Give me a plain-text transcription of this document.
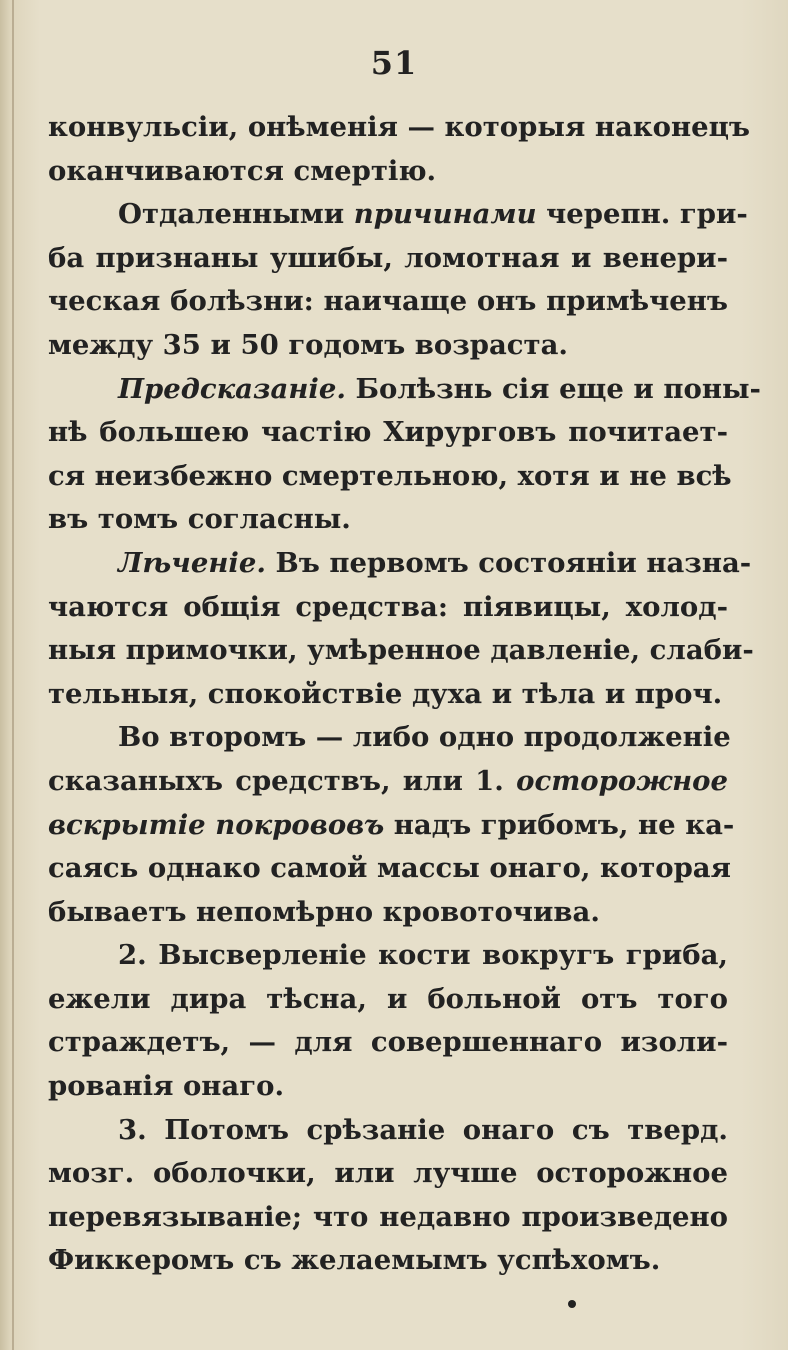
51
конвульсіи, онѣменія — которыя наконецъ
оканчиваются смертію.
Отдаленными причинами черепн. гри-
ба признаны ушибы, ломотная и венери-
ческая болѣзни: наичаще онъ примѣченъ
между 35 и 50 годомъ возраста.
Предсказаніе. Болѣзнь сія еще и поны-
нѣ большею частію Хирурговъ почитает-
ся неизбежно смертельною, хотя и не всѣ
въ томъ согласны.
Лѣченіе. Въ первомъ состояніи назна-
чаются общія средства: піявицы, холод-
ныя примочки, умѣренное давленіе, слаби-
тельныя, спокойствіе духа и тѣла и проч.
Во второмъ — либо одно продолженіе
сказаныхъ средствъ, или 1. осторожное
вскрытіе покрововъ надъ грибомъ, не ка-
саясь однако самой массы онаго, которая
бываетъ непомѣрно кровоточива.
2. Высверленіе кости вокругъ гриба,
ежели дира тѣсна, и больной отъ того
страждетъ, — для совершеннаго изоли-
рованія онаго.
3. Потомъ срѣзаніе онаго съ тверд.
мозг. оболочки, или лучше осторожное
перевязываніе; что недавно произведено
Фиккеромъ съ желаемымъ успѣхомъ.
